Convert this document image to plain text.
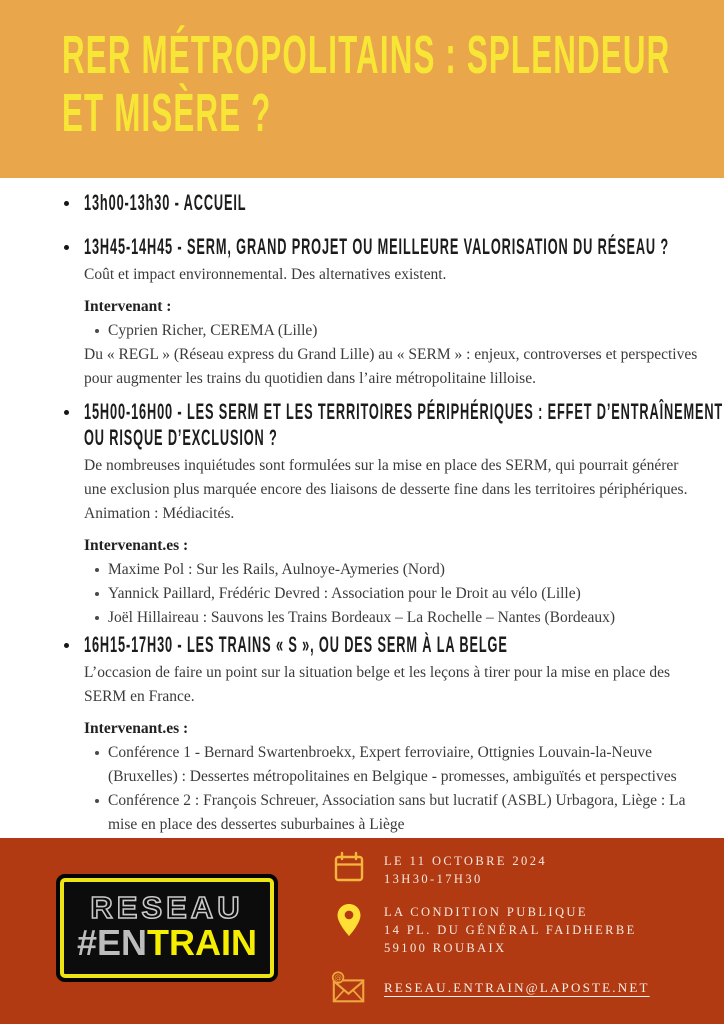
RER MÉTROPOLITAINS : SPLENDEUR
ET MISÈRE ?
13h00-13h30 - ACCUEIL
13H45-14H45 - SERM, GRAND PROJET OU MEILLEURE VALORISATION DU RÉSEAU ?

Coût et impact environnemental. Des alternatives existent.

Intervenant :

Cyprien Richer, CEREMA (Lille)

Du « REGL » (Réseau express du Grand Lille) au « SERM » : enjeux, controverses et perspectives pour augmenter les trains du quotidien dans l’aire métropolitaine lilloise.

15H00-16H00 - LES SERM ET LES TERRITOIRES PÉRIPHÉRIQUES : EFFET D’ENTRAÎNEMENT
OU RISQUE D’EXCLUSION ?

De nombreuses inquiétudes sont formulées sur la mise en place des SERM, qui pourrait générer une exclusion plus marquée encore des liaisons de desserte fine dans les territoires périphériques. Animation : Médiacités.

Intervenant.es :

Maxime Pol : Sur les Rails, Aulnoye-Aymeries (Nord)
Yannick Paillard, Frédéric Devred : Association pour le Droit au vélo (Lille)
Joël Hillaireau : Sauvons les Trains Bordeaux – La Rochelle – Nantes (Bordeaux)
16H15-17H30 - LES TRAINS « S », OU DES SERM À LA BELGE

L’occasion de faire un point sur la situation belge et les leçons à tirer pour la mise en place des SERM en France.

Intervenant.es :

Conférence 1 - Bernard Swartenbroekx, Expert ferroviaire, Ottignies Louvain-la-Neuve (Bruxelles) : Dessertes métropolitaines en Belgique - promesses, ambiguïtés et perspectives
Conférence 2 : François Schreuer, Association sans but lucratif (ASBL) Urbagora, Liège : La mise en place des dessertes suburbaines à Liège
RESEAU
#ENTRAIN
LE 11 OCTOBRE 2024
13H30-17H30
LA CONDITION PUBLIQUE
14 PL. DU GÉNÉRAL FAIDHERBE
59100 ROUBAIX
@
RESEAU.ENTRAIN@LAPOSTE.NET
